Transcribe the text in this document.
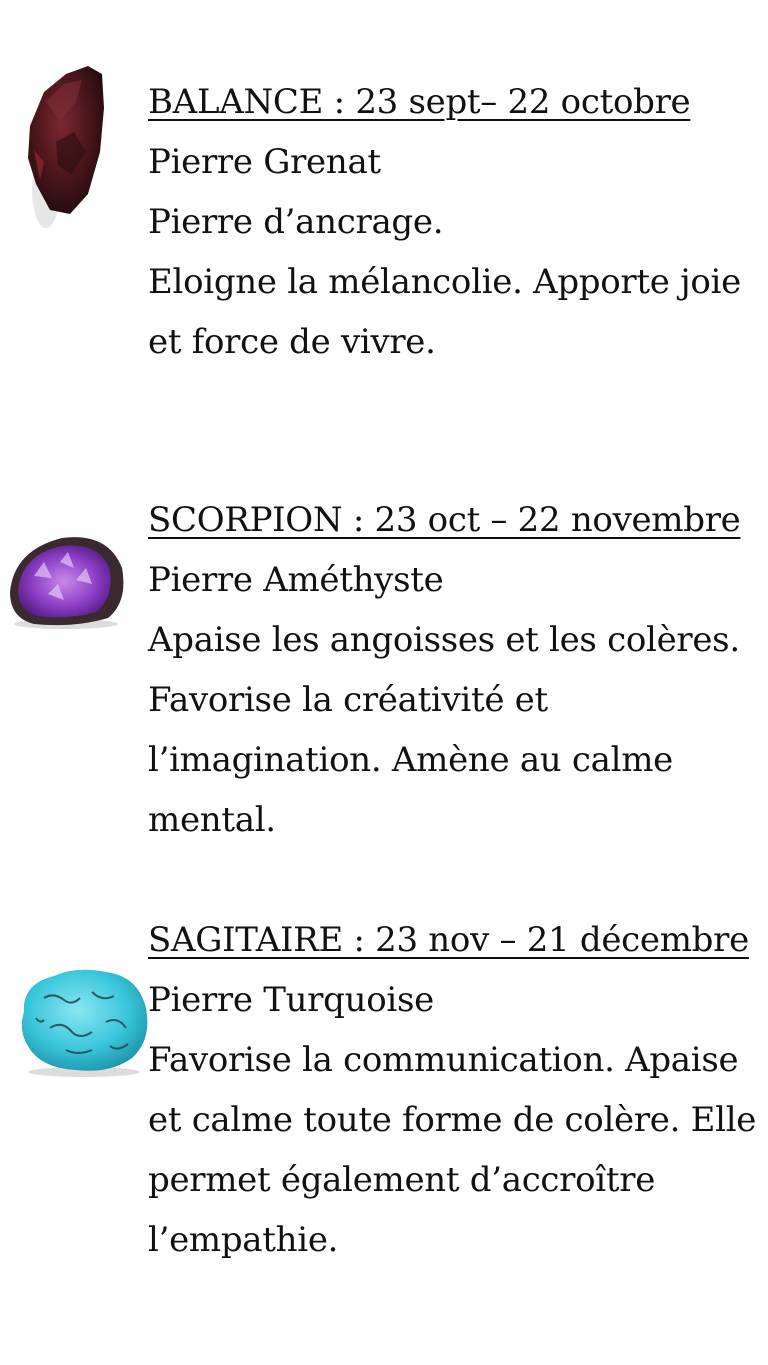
BALANCE : 23 sept– 22 octobre
Pierre Grenat
Pierre d’ancrage.
Eloigne la mélancolie. Apporte joie et force de vivre.
SCORPION : 23 oct – 22 novembre
Pierre Améthyste
Apaise les angoisses et les colères. Favorise la créativité et l’imagination. Amène au calme mental.
SAGITAIRE : 23 nov – 21 décembre
Pierre Turquoise
Favorise la communication. Apaise et calme toute forme de colère. Elle permet également d’accroître l’empathie.
